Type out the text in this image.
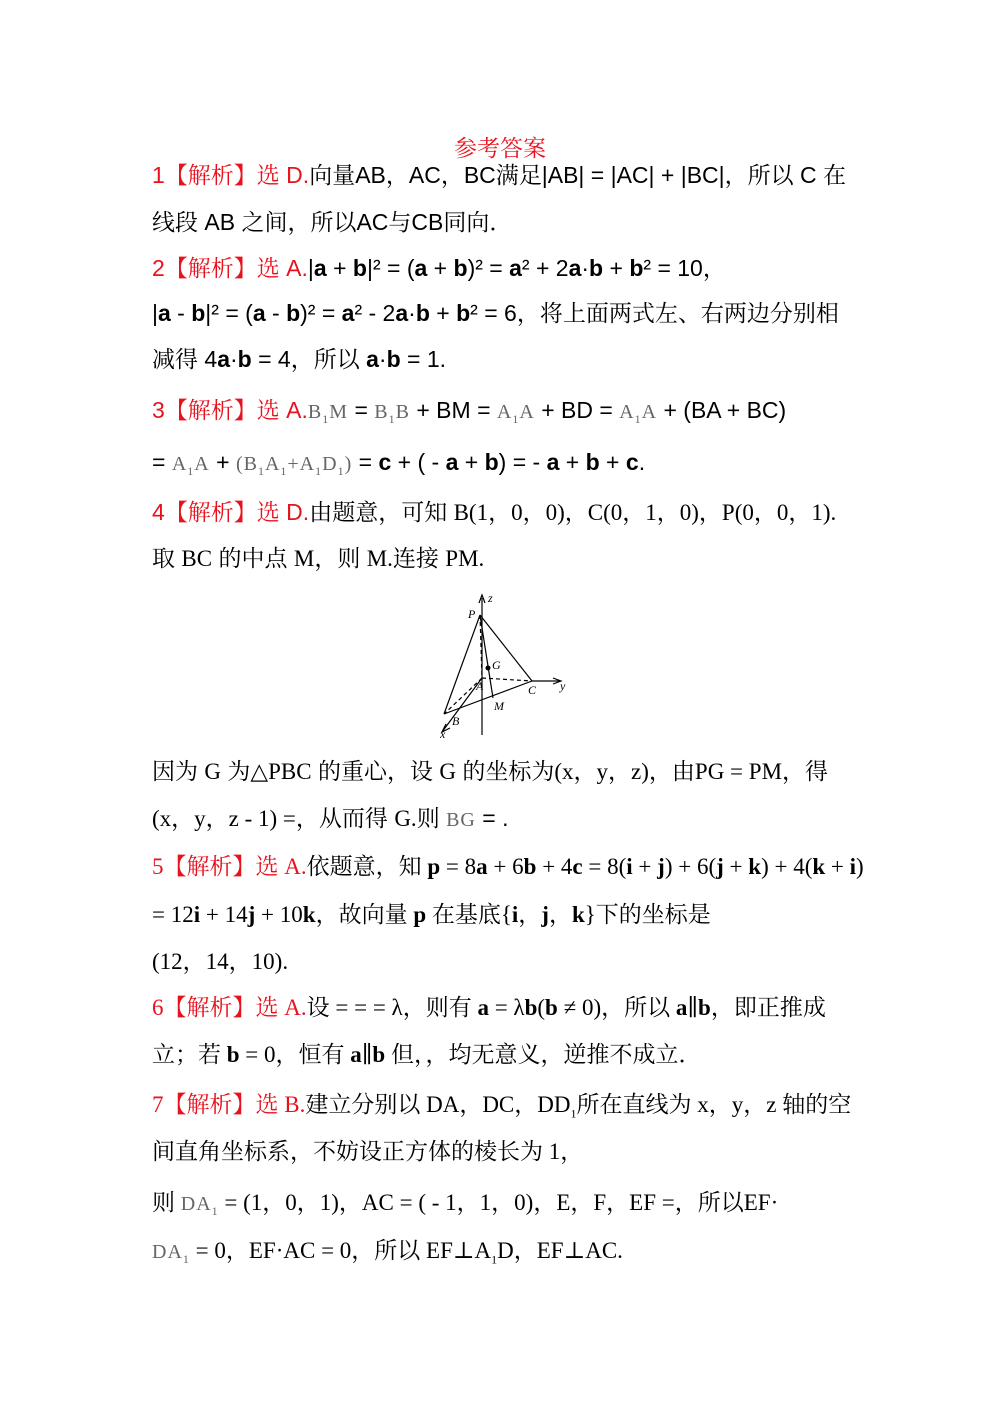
参考答案
1【解析】选 D.向量AB，AC，BC满足|AB| = |AC| + |BC|，所以 C 在
线段 AB 之间，所以AC与CB同向．
2【解析】选 A.|a + b|² = (a + b)² = a² + 2a·b + b² = 10，
|a - b|² = (a - b)² = a² - 2a·b + b² = 6，将上面两式左、右两边分别相
减得 4a·b = 4，所以 a·b = 1.
3【解析】选 $A.B_1M = B_1B$ + BM = $A_1A$ + BD = $A_1A + (BA + BC)$
= $A_1A + (B_1A_1+A_1D_1) = c$ + ( - a + b) = - a + b + c.
4【解析】选 D.由题意，可知 B(1，0，0)，C(0，1，0)，P(0，0，1).
取 BC 的中点 M，则 M.连接 PM.
z
P
G
A	C y
M
B
x
因为 G 为△PBC 的重心，设 G 的坐标为(x，y，z)，由PG = PM，得
(x，y，z - 1) =，从而得 G.则 BG = .
5【解析】选 A.依题意，知 p = 8a + 6b + 4c = 8(i + j) + 6(j + k) + 4(k + i)
= 12i + 14j + 10k，故向量 p 在基底{i，j，k}下的坐标是
(12，14，10).
6【解析】选 A.设 = = = λ，则有 a = λb(b ≠ 0)，所以 a∥b，即正推成
立；若 b = 0，恒有 a∥b 但，，均无意义，逆推不成立．
7【解析】选 B.建立分别以 DA，DC，$DD_1$所在直线为 x，y，z 轴的空
间直角坐标系，不妨设正方体的棱长为 1，
则 $DA_1 = (1$，0，1)，AC = ( - 1，1，0)，E，F，EF =，所以EF·
$DA_1 = 0$，EF·AC = 0，所以 $EF\perp A_1D$，EF⊥AC.
